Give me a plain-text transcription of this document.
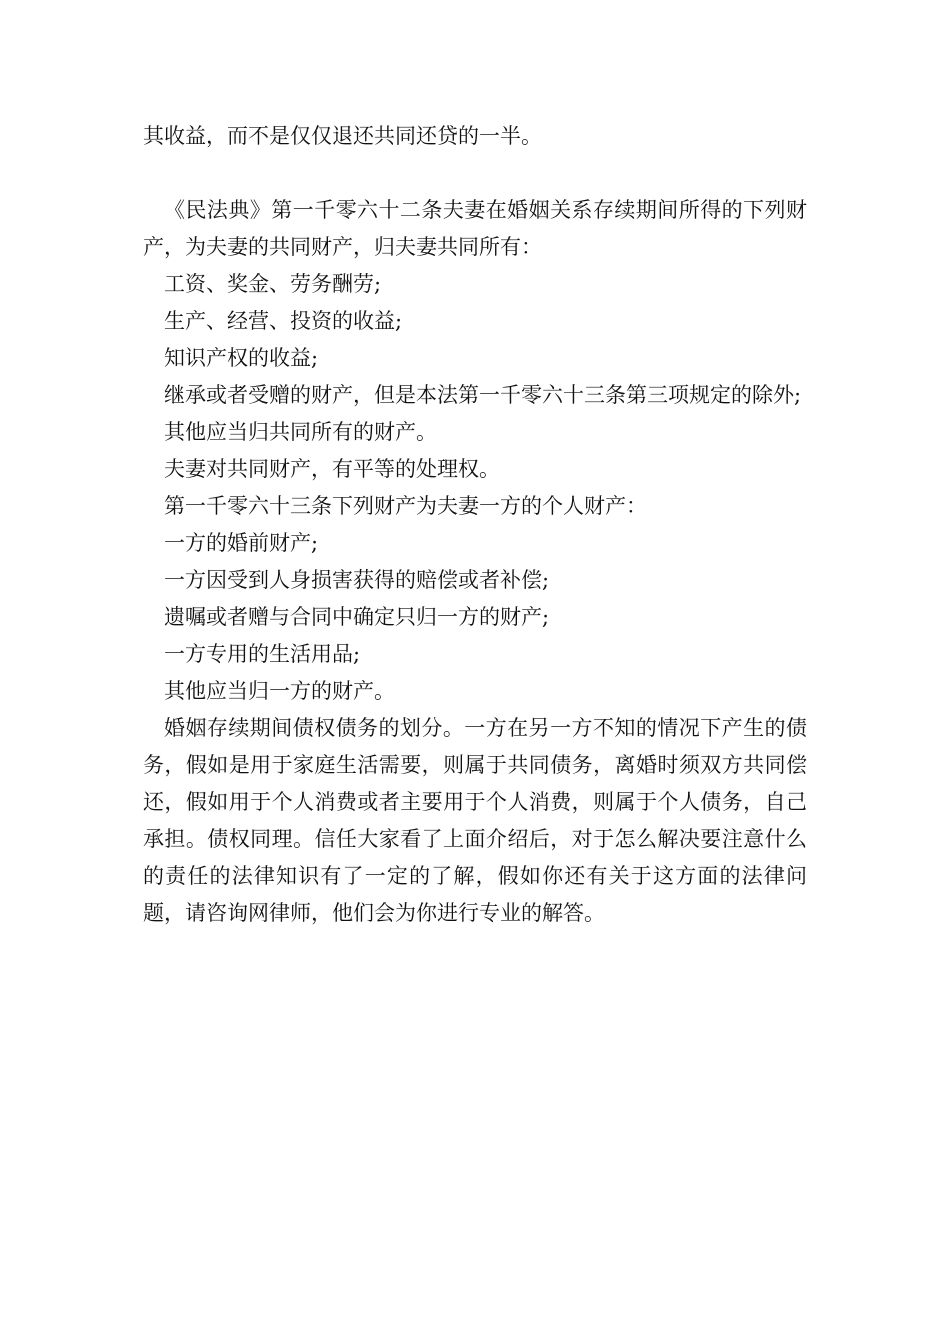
其收益，而不是仅仅退还共同还贷的一半。

《民法典》第一千零六十二条夫妻在婚姻关系存续期间所得的下列财产，为夫妻的共同财产，归夫妻共同所有：

工资、奖金、劳务酬劳;

生产、经营、投资的收益;

知识产权的收益;

继承或者受赠的财产，但是本法第一千零六十三条第三项规定的除外;

其他应当归共同所有的财产。

夫妻对共同财产，有平等的处理权。

第一千零六十三条下列财产为夫妻一方的个人财产：

一方的婚前财产;

一方因受到人身损害获得的赔偿或者补偿;

遗嘱或者赠与合同中确定只归一方的财产;

一方专用的生活用品;

其他应当归一方的财产。

婚姻存续期间债权债务的划分。一方在另一方不知的情况下产生的债务，假如是用于家庭生活需要，则属于共同债务，离婚时须双方共同偿还，假如用于个人消费或者主要用于个人消费，则属于个人债务，自己承担。债权同理。信任大家看了上面介绍后，对于怎么解决要注意什么的责任的法律知识有了一定的了解，假如你还有关于这方面的法律问题，请咨询网律师，他们会为你进行专业的解答。
